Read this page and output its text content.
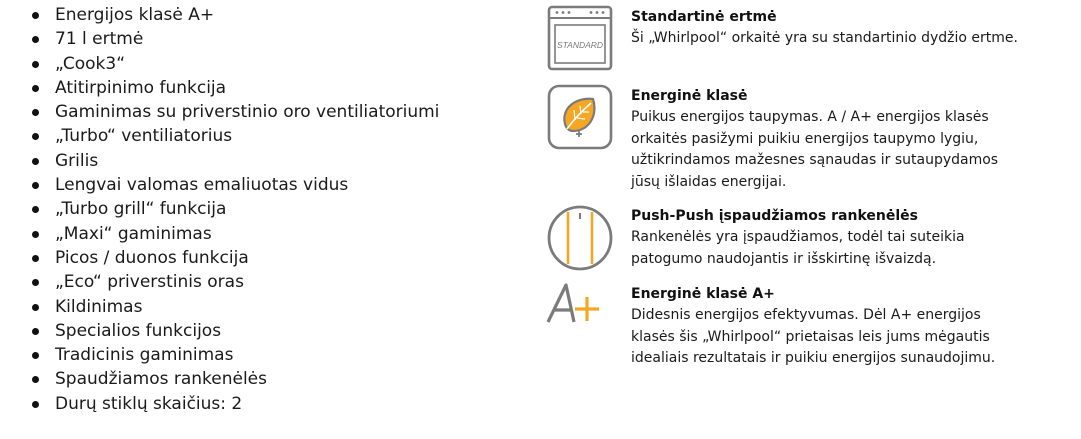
Energijos klasė A+
71 l ertmė
„Cook3“
Atitirpinimo funkcija
Gaminimas su priverstinio oro ventiliatoriumi
„Turbo“ ventiliatorius
Grilis
Lengvai valomas emaliuotas vidus
„Turbo grill“ funkcija
„Maxi“ gaminimas
Picos / duonos funkcija
„Eco“ priverstinis oras
Kildinimas
Specialios funkcijos
Tradicinis gaminimas
Spaudžiamos rankenėlės
Durų stiklų skaičius: 2
STANDARD
Standartinė ertmė
Ši „Whirlpool“ orkaitė yra su standartinio dydžio ertme.
Energinė klasė
Puikus energijos taupymas. A / A+ energijos klasės
orkaitės pasižymi puikiu energijos taupymo lygiu,
užtikrindamos mažesnes sąnaudas ir sutaupydamos
jūsų išlaidas energijai.
Push-Push įspaudžiamos rankenėlės
Rankenėlės yra įspaudžiamos, todėl tai suteikia
patogumo naudojantis ir išskirtinę išvaizdą.
Energinė klasė A+
Didesnis energijos efektyvumas. Dėl A+ energijos
klasės šis „Whirlpool“ prietaisas leis jums mėgautis
idealiais rezultatais ir puikiu energijos sunaudojimu.
